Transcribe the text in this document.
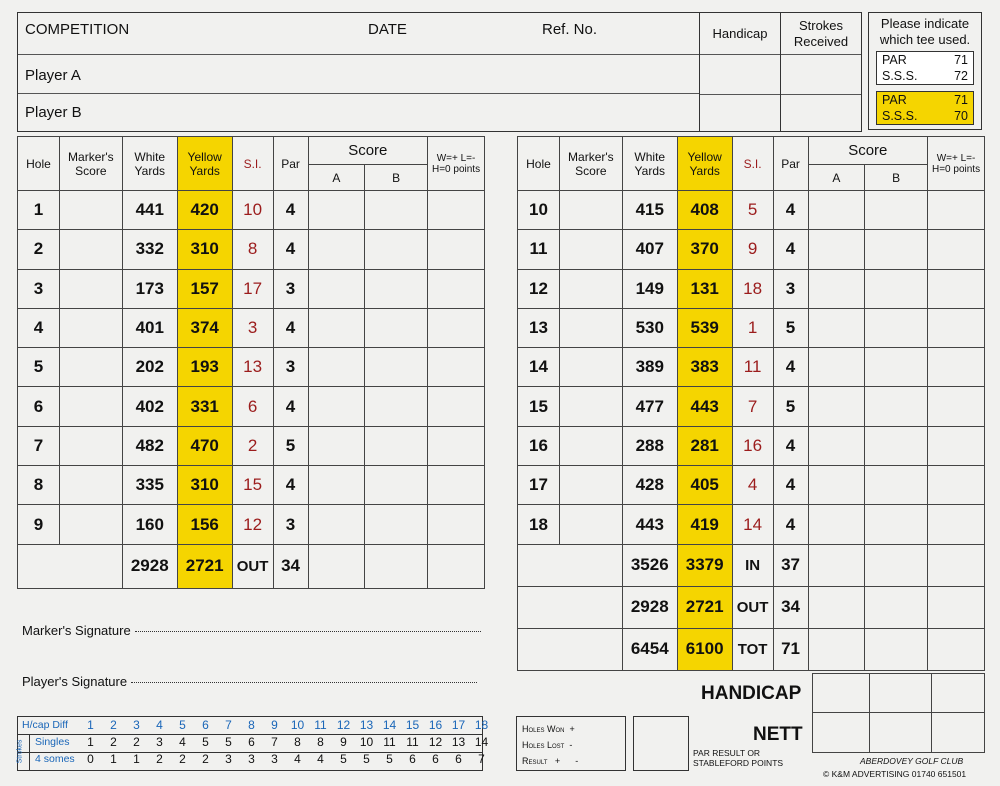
COMPETITION	DATE	Ref. No.
Player A
Player B
Handicap
Strokes Received
Please indicate which tee used.
PAR	71
S.S.S.	72
PAR	71
S.S.S.	70
Hole	Marker's Score	White Yards	Yellow Yards	S.I.	Par	Score		W=+ L=- H=0 points
						A	B	
1		441	420	10	4			
2		332	310	8	4			
3		173	157	17	3			
4		401	374	3	4			
5		202	193	13	3			
6		402	331	6	4			
7		482	470	2	5			
8		335	310	15	4			
9		160	156	12	3			
		2928	2721	OUT	34			
Hole	Marker's Score	White Yards	Yellow Yards	S.I.	Par	Score		W=+ L=- H=0 points
						A	B	
10		415	408	5	4			
11		407	370	9	4			
12		149	131	18	3			
13		530	539	1	5			
14		389	383	11	4			
15		477	443	7	5			
16		288	281	16	4			
17		428	405	4	4			
18		443	419	14	4			
		3526	3379	IN	37			
		2928	2721	OUT	34			
		6454	6100	TOT	71			
HANDICAP
NETT

Marker's Signature
Player's Signature
Strokes
H/cap Diff	1	2	3	4	5	6	7	8	9	10	11	12	13	14	15	16	17	18
Singles	1	2	2	3	4	5	5	6	7	8	8	9	10	11	11	12	13	14
4 somes	0	1	1	2	2	2	3	3	3	4	4	5	5	5	6	6	6	7
Holes Won +
Holes Lost -
Result + -
PAR RESULT OR STABLEFORD POINTS	ABERDOVEY GOLF CLUB
© K&M ADVERTISING 01740 651501
